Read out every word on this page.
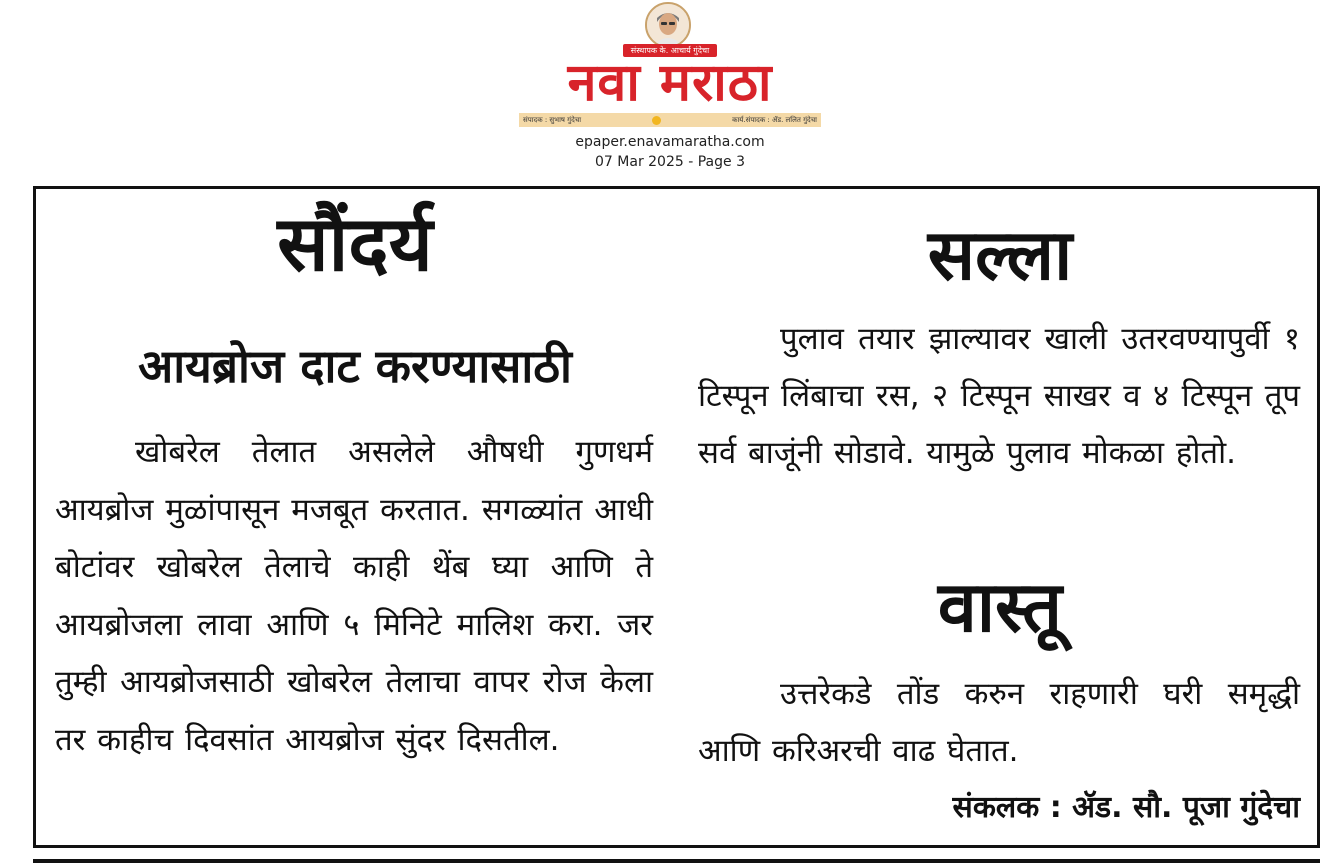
संस्थापक के. आचार्य गुंदेचा
नवा मराठा
संपादक : सुभाष गुंदेचा	कार्य.संपादक : ॲड. ललित गुंदेचा
epaper.enavamaratha.com
07 Mar 2025 - Page 3
सौंदर्य
आयब्रोज दाट करण्यासाठी
खोबरेल तेलात असलेले औषधी गुणधर्म आयब्रोज मुळांपासून मजबूत करतात. सगळ्यांत आधी बोटांवर खोबरेल तेलाचे काही थेंब घ्या आणि ते आयब्रोजला लावा आणि ५ मिनिटे मालिश करा. जर तुम्ही आयब्रोजसाठी खोबरेल तेलाचा वापर रोज केला तर काहीच दिवसांत आयब्रोज सुंदर दिसतील.
सल्ला
पुलाव तयार झाल्यावर खाली उतरवण्यापुर्वी १ टिस्पून लिंबाचा रस, २ टिस्पून साखर व ४ टिस्पून तूप सर्व बाजूंनी सोडावे. यामुळे पुलाव मोकळा होतो.
वास्तू
उत्तरेकडे तोंड करुन राहणारी घरी समृद्धी आणि करिअरची वाढ घेतात.
संकलक : ॲड. सौ. पूजा गुंदेचा
